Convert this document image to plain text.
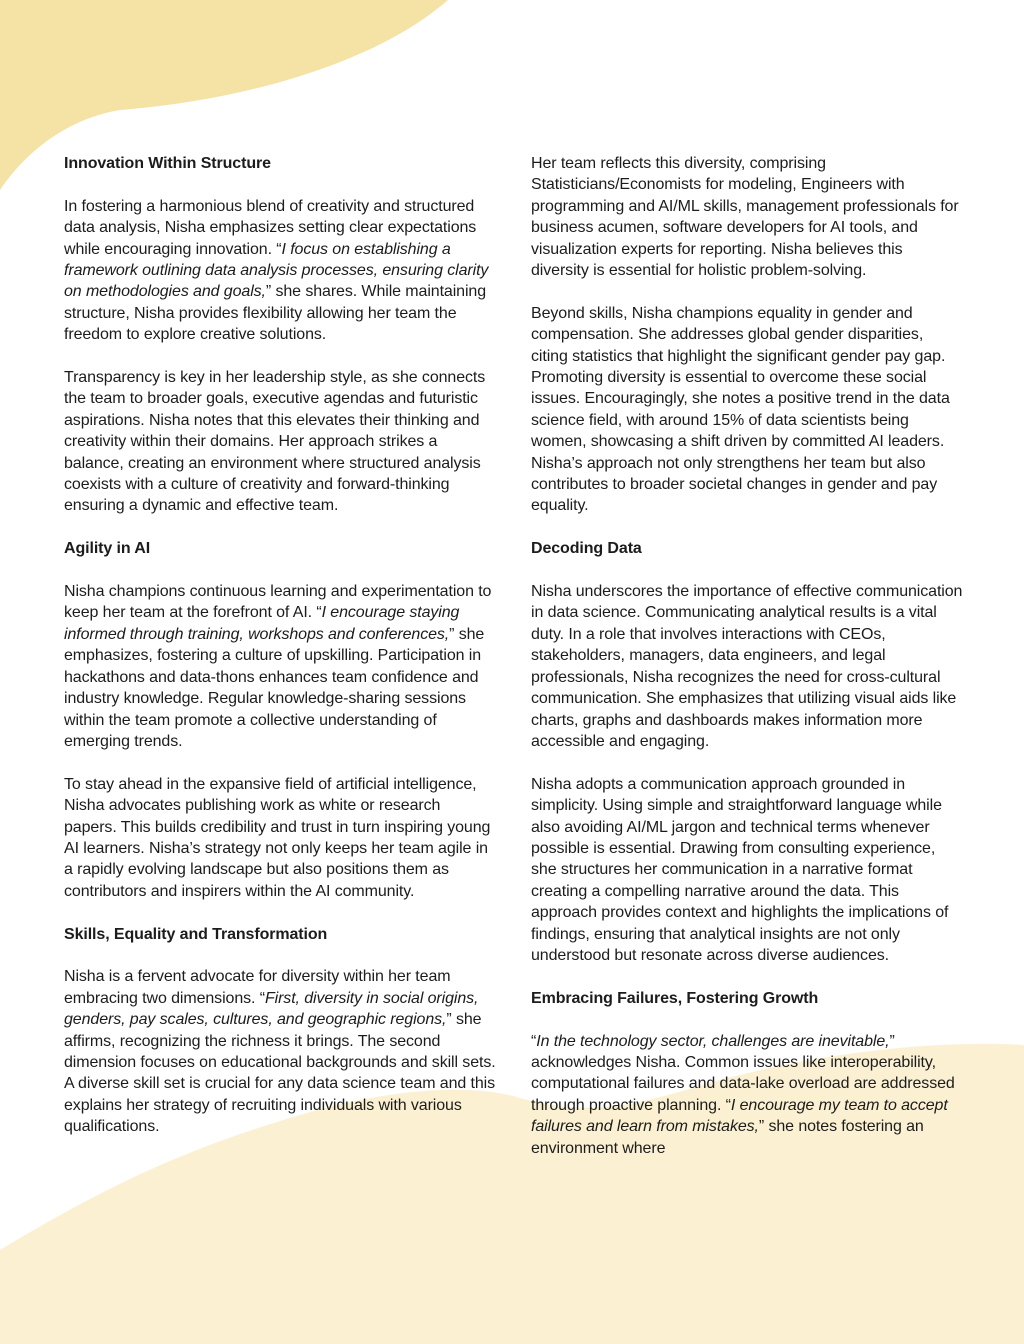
Innovation Within Structure

In fostering a harmonious blend of creativity and structured data analysis, Nisha emphasizes setting clear expectations while encouraging innovation. “I focus on establishing a framework outlining data analysis processes, ensuring clarity on methodologies and goals,” she shares. While maintaining structure, Nisha provides flexibility allowing her team the freedom to explore creative solutions.

Transparency is key in her leadership style, as she connects the team to broader goals, executive agendas and futuristic aspirations. Nisha notes that this elevates their thinking and creativity within their domains. Her approach strikes a balance, creating an environment where structured analysis coexists with a culture of creativity and forward-thinking ensuring a dynamic and effective team.

Agility in AI

Nisha champions continuous learning and experimentation to keep her team at the forefront of AI. “I encourage staying informed through training, workshops and conferences,” she emphasizes, fostering a culture of upskilling. Participation in hackathons and data-thons enhances team confidence and industry knowledge. Regular knowledge-sharing sessions within the team promote a collective understanding of emerging trends.

To stay ahead in the expansive field of artificial intelligence, Nisha advocates publishing work as white or research papers. This builds credibility and trust in turn inspiring young AI learners. Nisha’s strategy not only keeps her team agile in a rapidly evolving landscape but also positions them as contributors and inspirers within the AI community.

Skills, Equality and Transformation

Nisha is a fervent advocate for diversity within her team embracing two dimensions. “First, diversity in social origins, genders, pay scales, cultures, and geographic regions,” she affirms, recognizing the richness it brings. The second dimension focuses on educational backgrounds and skill sets. A diverse skill set is crucial for any data science team and this explains her strategy of recruiting individuals with various qualifications.

Her team reflects this diversity, comprising Statisticians/Economists for modeling, Engineers with programming and AI/ML skills, management professionals for business acumen, software developers for AI tools, and visualization experts for reporting. Nisha believes this diversity is essential for holistic problem-solving.

Beyond skills, Nisha champions equality in gender and compensation. She addresses global gender disparities, citing statistics that highlight the significant gender pay gap. Promoting diversity is essential to overcome these social issues. Encouragingly, she notes a positive trend in the data science field, with around 15% of data scientists being women, showcasing a shift driven by committed AI leaders. Nisha’s approach not only strengthens her team but also contributes to broader societal changes in gender and pay equality.

Decoding Data

Nisha underscores the importance of effective communication in data science. Communicating analytical results is a vital duty. In a role that involves interactions with CEOs, stakeholders, managers, data engineers, and legal professionals, Nisha recognizes the need for cross-cultural communication. She emphasizes that utilizing visual aids like charts, graphs and dashboards makes information more accessible and engaging.

Nisha adopts a communication approach grounded in simplicity. Using simple and straightforward language while also avoiding AI/ML jargon and technical terms whenever possible is essential. Drawing from consulting experience, she structures her communication in a narrative format creating a compelling narrative around the data. This approach provides context and highlights the implications of findings, ensuring that analytical insights are not only understood but resonate across diverse audiences.

Embracing Failures, Fostering Growth

“In the technology sector, challenges are inevitable,” acknowledges Nisha. Common issues like interoperability, computational failures and data-lake overload are addressed through proactive planning. “I encourage my team to accept failures and learn from mistakes,” she notes fostering an environment where
